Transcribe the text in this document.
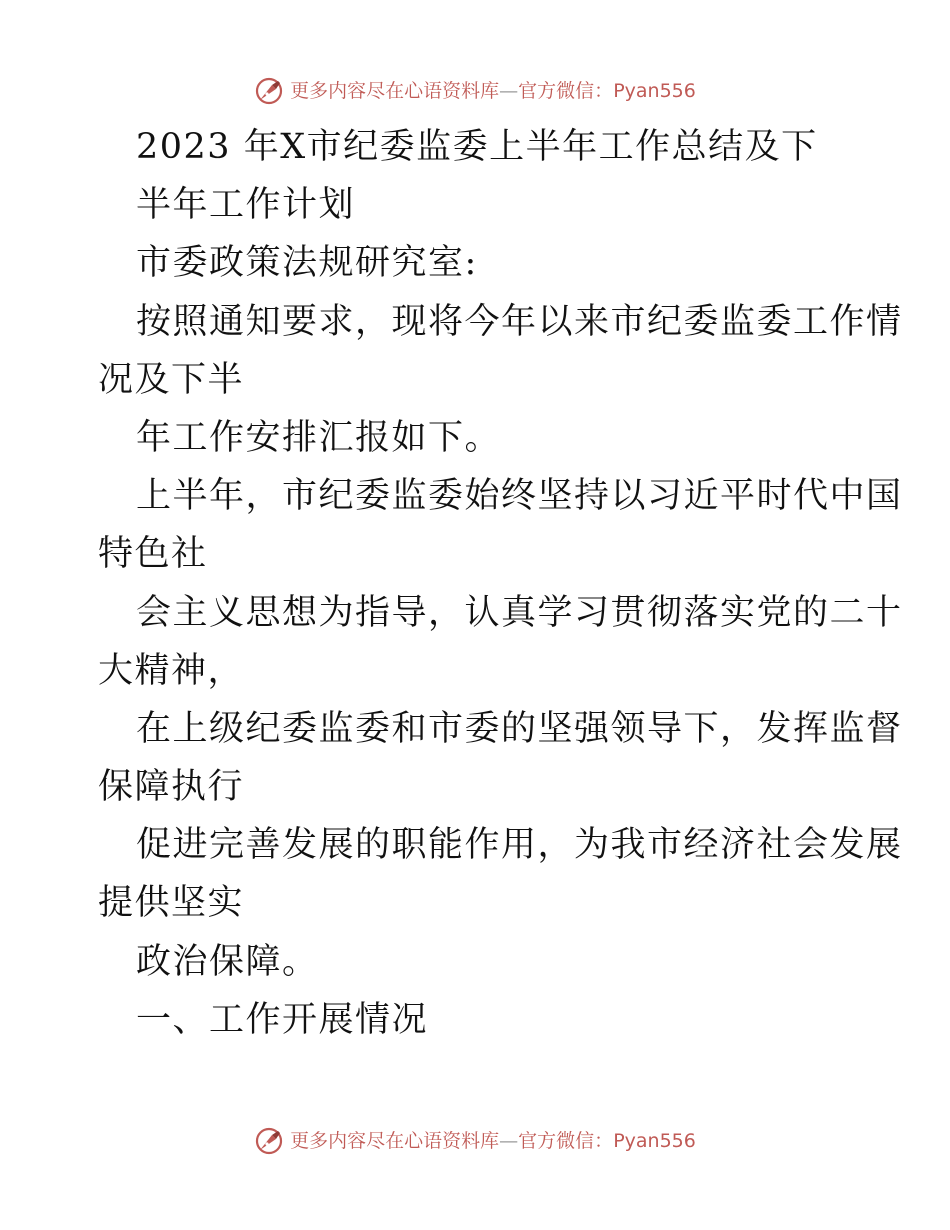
更多内容尽在心语资料库 — 官方微信： Pyan556
2023 年X市纪委监委上半年工作总结及下
半年工作计划
市委政策法规研究室:
按照通知要求，现将今年以来市纪委监委工作情
况及下半
年工作安排汇报如下。
上半年，市纪委监委始终坚持以习近平时代中国
特色社
会主义思想为指导，认真学习贯彻落实党的二十
大精神，
在上级纪委监委和市委的坚强领导下，发挥监督
保障执行
促进完善发展的职能作用，为我市经济社会发展
提供坚实
政治保障。
一、工作开展情况
更多内容尽在心语资料库 — 官方微信： Pyan556
